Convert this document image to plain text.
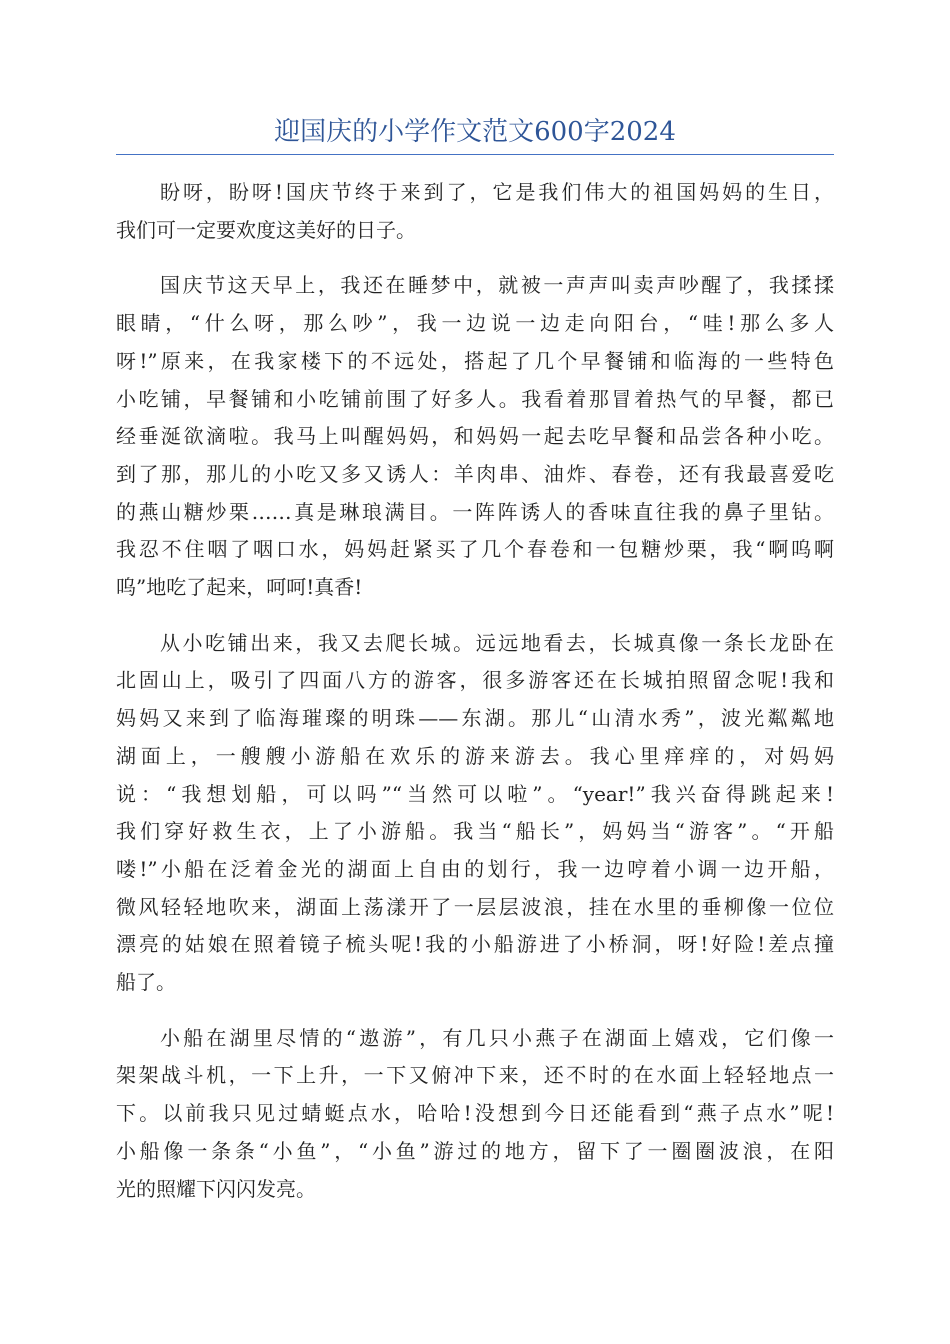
迎国庆的小学作文范文600字2024
盼呀，盼呀!国庆节终于来到了，它是我们伟大的祖国妈妈的生日，
我们可一定要欢度这美好的日子。
国庆节这天早上，我还在睡梦中，就被一声声叫卖声吵醒了，我揉揉
眼睛，“什么呀，那么吵”，我一边说一边走向阳台，“哇!那么多人
呀!”原来，在我家楼下的不远处，搭起了几个早餐铺和临海的一些特色
小吃铺，早餐铺和小吃铺前围了好多人。我看着那冒着热气的早餐，都已
经垂涎欲滴啦。我马上叫醒妈妈，和妈妈一起去吃早餐和品尝各种小吃。
到了那，那儿的小吃又多又诱人：羊肉串、油炸、春卷，还有我最喜爱吃
的燕山糖炒栗……真是琳琅满目。一阵阵诱人的香味直往我的鼻子里钻。
我忍不住咽了咽口水，妈妈赶紧买了几个春卷和一包糖炒栗，我“啊呜啊
呜”地吃了起来，呵呵!真香!
从小吃铺出来，我又去爬长城。远远地看去，长城真像一条长龙卧在
北固山上，吸引了四面八方的游客，很多游客还在长城拍照留念呢!我和
妈妈又来到了临海璀璨的明珠——东湖。那儿“山清水秀”，波光粼粼地
湖面上，一艘艘小游船在欢乐的游来游去。我心里痒痒的，对妈妈
说：“我想划船，可以吗”“当然可以啦”。“year!”我兴奋得跳起来!
我们穿好救生衣，上了小游船。我当“船长”，妈妈当“游客”。“开船
喽!”小船在泛着金光的湖面上自由的划行，我一边哼着小调一边开船，
微风轻轻地吹来，湖面上荡漾开了一层层波浪，挂在水里的垂柳像一位位
漂亮的姑娘在照着镜子梳头呢!我的小船游进了小桥洞，呀!好险!差点撞
船了。
小船在湖里尽情的“遨游”，有几只小燕子在湖面上嬉戏，它们像一
架架战斗机，一下上升，一下又俯冲下来，还不时的在水面上轻轻地点一
下。以前我只见过蜻蜓点水，哈哈!没想到今日还能看到“燕子点水”呢!
小船像一条条“小鱼”，“小鱼”游过的地方，留下了一圈圈波浪，在阳
光的照耀下闪闪发亮。
